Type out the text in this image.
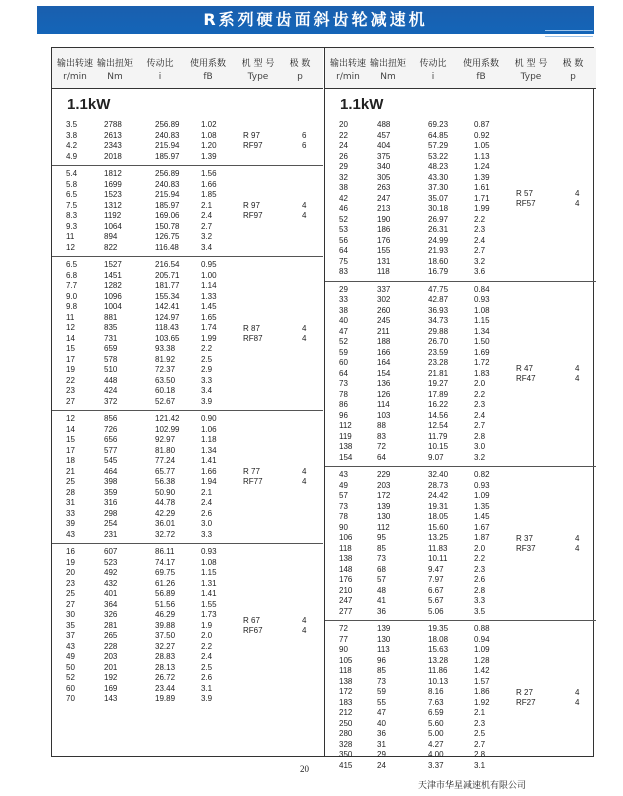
R系列硬齿面斜齿轮减速机
输出转速 输出扭矩	传动比	使用系数	机 型 号	极 数
r/min	Nm	i	fB	Type	p
1.1kW
3.5	2788	256.89	1.02
3.8	2613	240.83	1.08
4.2	2343	215.94	1.20
4.9	2018	185.97	1.39
R 97	6
RF97	6
5.4	1812	256.89	1.56
5.8	1699	240.83	1.66
6.5	1523	215.94	1.85
7.5	1312	185.97	2.1
8.3	1192	169.06	2.4
9.3	1064	150.78	2.7
11	894	126.75	3.2
12	822	116.48	3.4
R 97	4
RF97	4
6.5	1527	216.54	0.95
6.8	1451	205.71	1.00
7.7	1282	181.77	1.14
9.0	1096	155.34	1.33
9.8	1004	142.41	1.45
11	881	124.97	1.65
12	835	118.43	1.74
14	731	103.65	1.99
15	659	93.38	2.2
17	578	81.92	2.5
19	510	72.37	2.9
22	448	63.50	3.3
23	424	60.18	3.4
27	372	52.67	3.9
R 87	4
RF87	4
12	856	121.42	0.90
14	726	102.99	1.06
15	656	92.97	1.18
17	577	81.80	1.34
18	545	77.24	1.41
21	464	65.77	1.66
25	398	56.38	1.94
28	359	50.90	2.1
31	316	44.78	2.4
33	298	42.29	2.6
39	254	36.01	3.0
43	231	32.72	3.3
R 77	4
RF77	4
16	607	86.11	0.93
19	523	74.17	1.08
20	492	69.75	1.15
23	432	61.26	1.31
25	401	56.89	1.41
27	364	51.56	1.55
30	326	46.29	1.73
35	281	39.88	1.9
37	265	37.50	2.0
43	228	32.27	2.2
49	203	28.83	2.4
50	201	28.13	2.5
52	192	26.72	2.6
60	169	23.44	3.1
70	143	19.89	3.9
R 67	4
RF67	4
输出转速 输出扭矩	传动比	使用系数	机 型 号	极 数
r/min	Nm	i	fB	Type	p
1.1kW
20	488	69.23	0.87
22	457	64.85	0.92
24	404	57.29	1.05
26	375	53.22	1.13
29	340	48.23	1.24
32	305	43.30	1.39
38	263	37.30	1.61
42	247	35.07	1.71
46	213	30.18	1.99
52	190	26.97	2.2
53	186	26.31	2.3
56	176	24.99	2.4
64	155	21.93	2.7
75	131	18.60	3.2
83	118	16.79	3.6
R 57	4
RF57	4
29	337	47.75	0.84
33	302	42.87	0.93
38	260	36.93	1.08
40	245	34.73	1.15
47	211	29.88	1.34
52	188	26.70	1.50
59	166	23.59	1.69
60	164	23.28	1.72
64	154	21.81	1.83
73	136	19.27	2.0
78	126	17.89	2.2
86	114	16.22	2.3
96	103	14.56	2.4
112	88	12.54	2.7
119	83	11.79	2.8
138	72	10.15	3.0
154	64	9.07	3.2
R 47	4
RF47	4
43	229	32.40	0.82
49	203	28.73	0.93
57	172	24.42	1.09
73	139	19.31	1.35
78	130	18.05	1.45
90	112	15.60	1.67
106	95	13.25	1.87
118	85	11.83	2.0
138	73	10.11	2.2
148	68	9.47	2.3
176	57	7.97	2.6
210	48	6.67	2.8
247	41	5.67	3.3
277	36	5.06	3.5
R 37	4
RF37	4
72	139	19.35	0.88
77	130	18.08	0.94
90	113	15.63	1.09
105	96	13.28	1.28
118	85	11.86	1.42
138	73	10.13	1.57
172	59	8.16	1.86
183	55	7.63	1.92
212	47	6.59	2.1
250	40	5.60	2.3
280	36	5.00	2.5
328	31	4.27	2.7
350	29	4.00	2.8
415	24	3.37	3.1
R 27	4
RF27	4
20
天津市华星减速机有限公司
